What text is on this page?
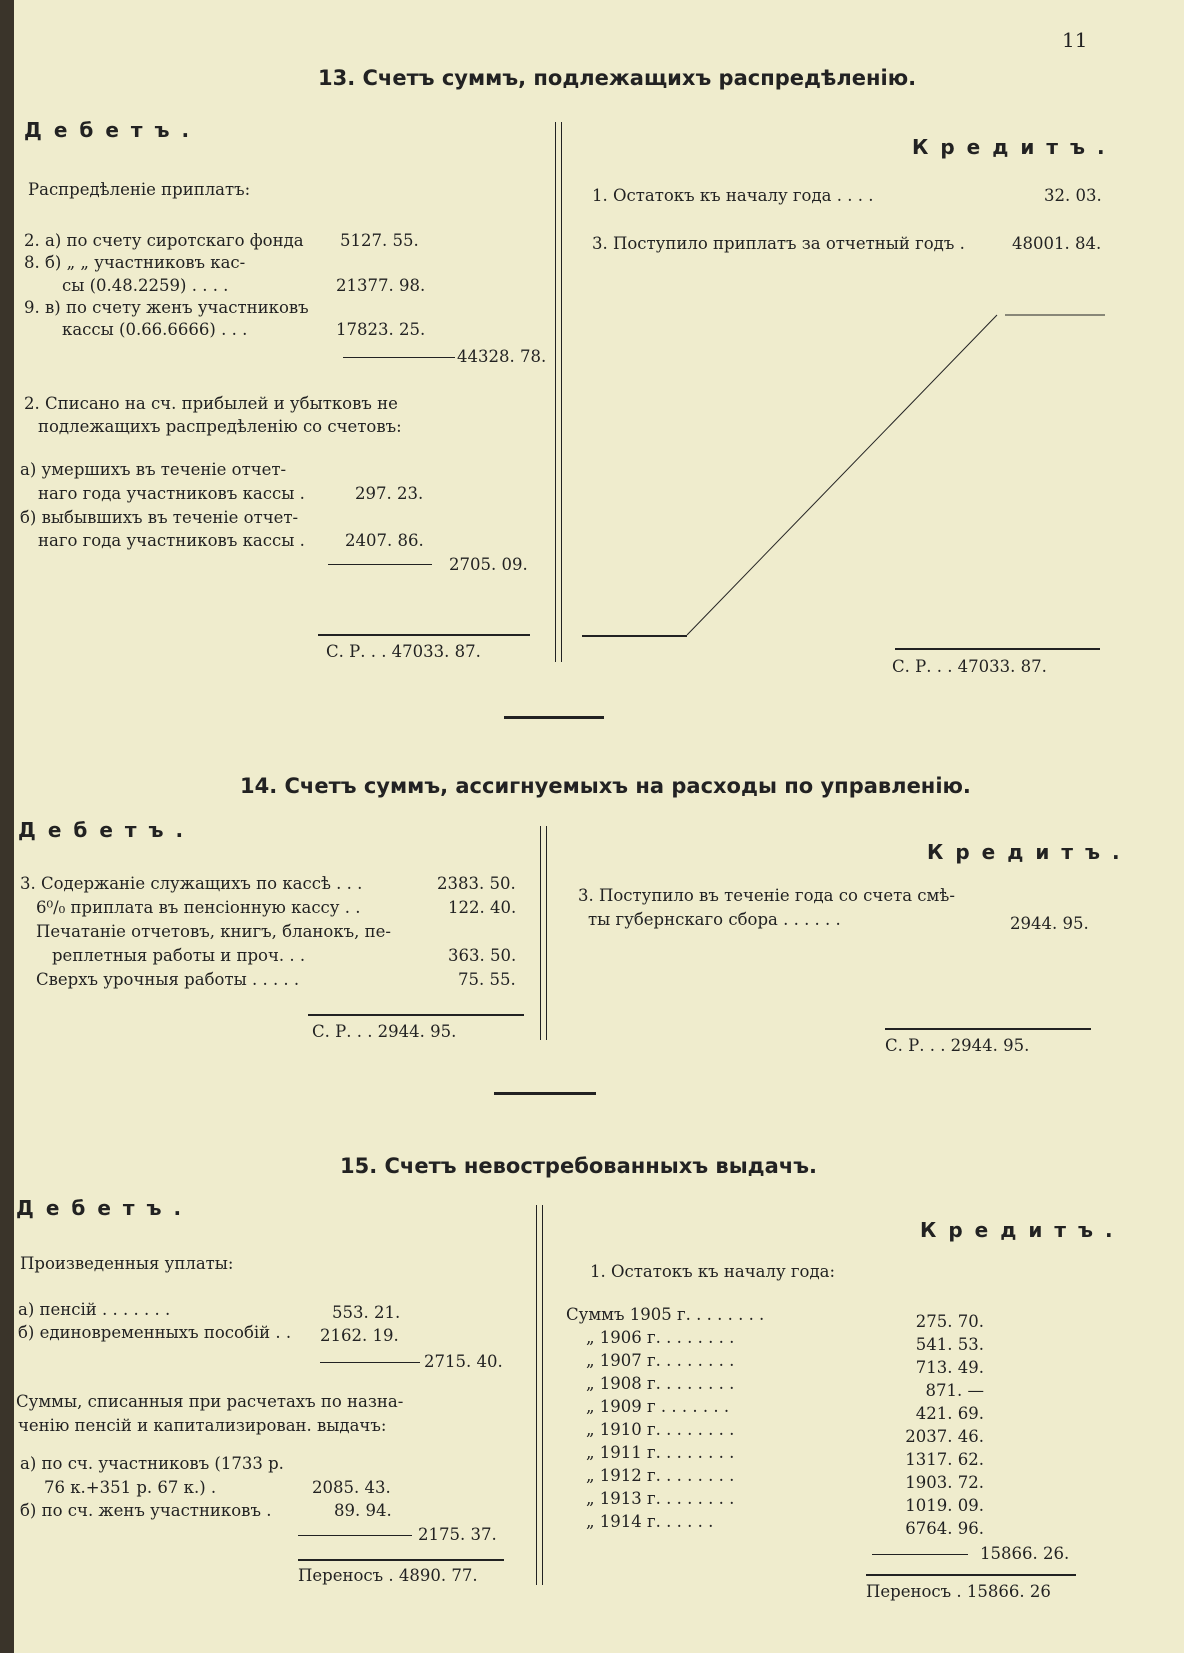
11
13. Счетъ суммъ, подлежащихъ распредѣленію.
Дебетъ.
Кредитъ.
Распредѣленіе приплатъ:
2. а) по счету сиротскаго фонда 5127. 55.
8. б) „ „ участниковъ кас-
сы (0.48.2259) . . . .	21377. 98.
9. в) по счету женъ участниковъ
кассы (0.66.6666) . . .	17823. 25.
44328. 78.
2. Списано на сч. прибылей и убытковъ не
подлежащихъ распредѣленію со счетовъ:
а) умершихъ въ теченіе отчет-
наго года участниковъ кассы .	297. 23.
б) выбывшихъ въ теченіе отчет-
наго года участниковъ кассы . 2407. 86.
2705. 09.
С. Р. . . 47033. 87.
1. Остатокъ къ началу года . . . .	32. 03.
3. Поступило приплатъ за отчетный годъ .	48001. 84.
С. Р. . . 47033. 87.
14. Счетъ суммъ, ассигнуемыхъ на расходы по управленію.
Дебетъ.
Кредитъ.
3. Содержаніе служащихъ по кассѣ . . .	2383. 50.
6⁰/₀ приплата въ пенсіонную кассу . .	122. 40.
Печатаніе отчетовъ, книгъ, бланокъ, пе-
реплетныя работы и проч. . .	363. 50.
Сверхъ урочныя работы . . . . .	75. 55.
С. Р. . . 2944. 95.
3. Поступило въ теченіе года со счета смѣ-
ты губернскаго сбора . . . . . .	2944. 95.
С. Р. . . 2944. 95.
15. Счетъ невостребованныхъ выдачъ.
Дебетъ.
Кредитъ.
Произведенныя уплаты:
а) пенсій . . . . . . .	553. 21.
б) единовременныхъ пособій . . 2162. 19.
2715. 40.
Суммы, списанныя при расчетахъ по назна-
ченію пенсій и капитализирован. выдачъ:
а) по сч. участниковъ (1733 р.
76 к.+351 р. 67 к.) .	2085. 43.
б) по сч. женъ участниковъ .	89. 94.
2175. 37.
Переносъ . 4890. 77.
1. Остатокъ къ началу года:
Суммъ 1905 г. . . . . . . .	275. 70.
„ 1906 г. . . . . . . .	541. 53.
„ 1907 г. . . . . . . .	713. 49.
„ 1908 г. . . . . . . .	871. —
„ 1909 г . . . . . . .	421. 69.
„ 1910 г. . . . . . . .	2037. 46.
„ 1911 г. . . . . . . .	1317. 62.
„ 1912 г. . . . . . . .	1903. 72.
„ 1913 г. . . . . . . .	1019. 09.
„ 1914 г. . . . . .	6764. 96.
15866. 26.
Переносъ . 15866. 26
